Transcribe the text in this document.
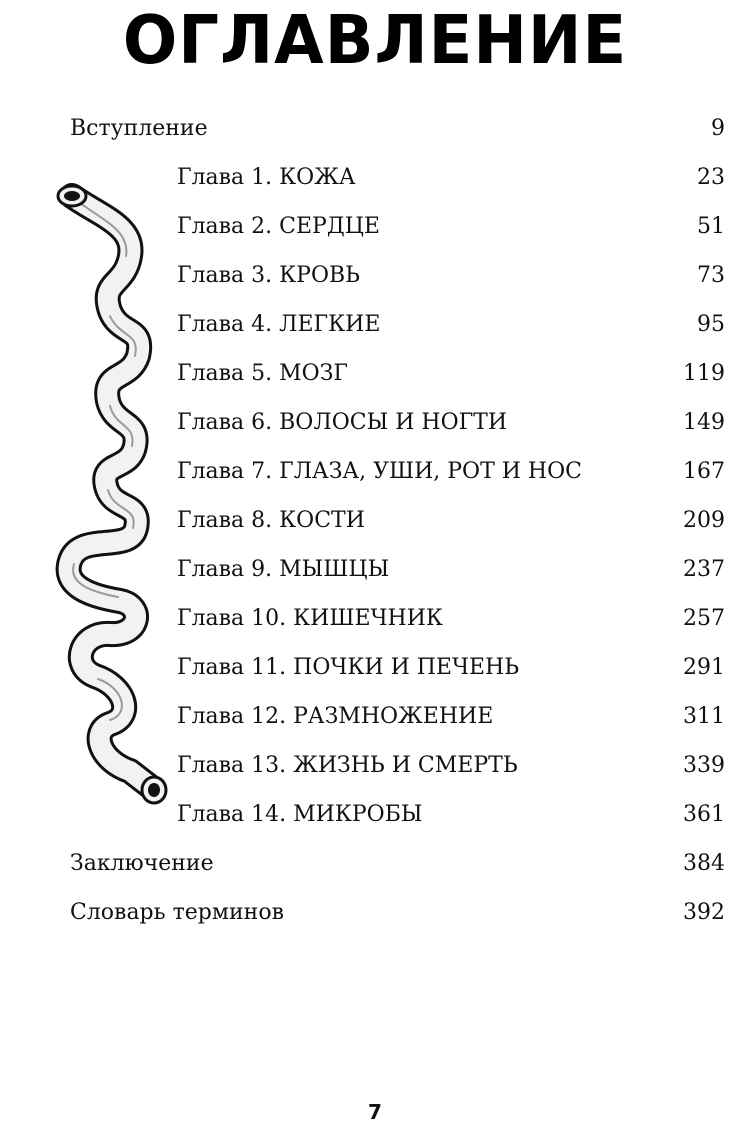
ОГЛАВЛЕНИЕ
Вступление	9
Глава 1. КОЖА	23
Глава 2. СЕРДЦЕ	51
Глава 3. КРОВЬ	73
Глава 4. ЛЕГКИЕ	95
Глава 5. МОЗГ	119
Глава 6. ВОЛОСЫ И НОГТИ	149
Глава 7. ГЛАЗА, УШИ, РОТ И НОС	167
Глава 8. КОСТИ	209
Глава 9. МЫШЦЫ	237
Глава 10. КИШЕЧНИК	257
Глава 11. ПОЧКИ И ПЕЧЕНЬ	291
Глава 12. РАЗМНОЖЕНИЕ	311
Глава 13. ЖИЗНЬ И СМЕРТЬ	339
Глава 14. МИКРОБЫ	361
Заключение	384
Словарь терминов	392
7
